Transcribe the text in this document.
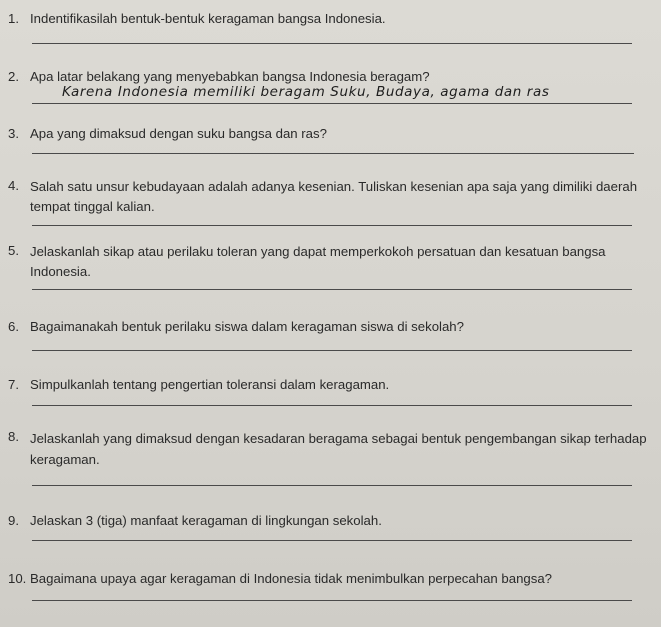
1. Indentifikasilah bentuk-bentuk keragaman bangsa Indonesia.
2. Apa latar belakang yang menyebabkan bangsa Indonesia beragam?
Karena Indonesia memiliki beragam Suku, Budaya, agama dan ras
3. Apa yang dimaksud dengan suku bangsa dan ras?
4. Salah satu unsur kebudayaan adalah adanya kesenian. Tuliskan kesenian apa saja yang dimiliki daerah tempat tinggal kalian.
5. Jelaskanlah sikap atau perilaku toleran yang dapat memperkokoh persatuan dan kesatuan bangsa Indonesia.
6. Bagaimanakah bentuk perilaku siswa dalam keragaman siswa di sekolah?
7. Simpulkanlah tentang pengertian toleransi dalam keragaman.
8. Jelaskanlah yang dimaksud dengan kesadaran beragama sebagai bentuk pengembangan sikap terhadap keragaman.
9. Jelaskan 3 (tiga) manfaat keragaman di lingkungan sekolah.
10. Bagaimana upaya agar keragaman di Indonesia tidak menimbulkan perpecahan bangsa?
